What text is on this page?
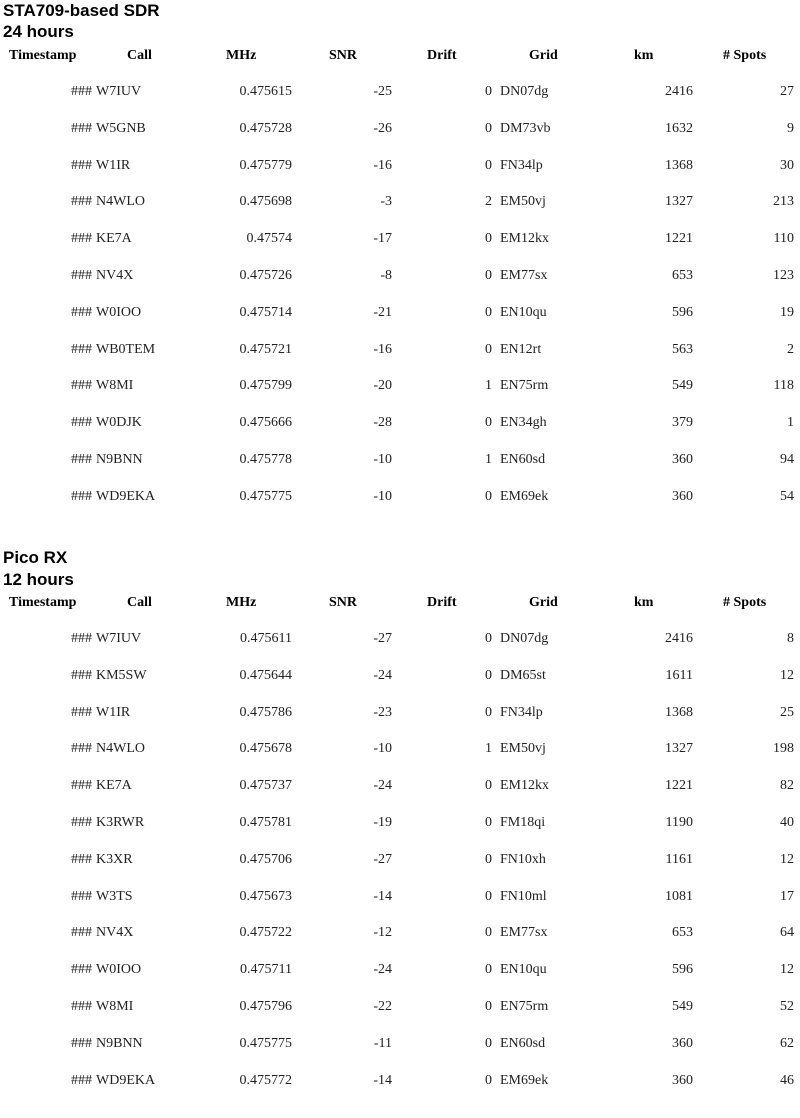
STA709-based SDR
24 hours
Timestamp	Call	MHz	SNR	Drift	Grid	km	# Spots
### W7IUV	0.475615	-25	0 DN07dg	2416	27
### W5GNB	0.475728	-26	0 DM73vb	1632	9
### W1IR	0.475779	-16	0 FN34lp	1368	30
### N4WLO	0.475698	-3	2 EM50vj	1327	213
### KE7A	0.47574	-17	0 EM12kx	1221	110
### NV4X	0.475726	-8	0 EM77sx	653	123
### W0IOO	0.475714	-21	0 EN10qu	596	19
### WB0TEM	0.475721	-16	0 EN12rt	563	2
### W8MI	0.475799	-20	1 EN75rm	549	118
### W0DJK	0.475666	-28	0 EN34gh	379	1
### N9BNN	0.475778	-10	1 EN60sd	360	94
### WD9EKA	0.475775	-10	0 EM69ek	360	54
Pico RX
12 hours
Timestamp	Call	MHz	SNR	Drift	Grid	km	# Spots
### W7IUV	0.475611	-27	0 DN07dg	2416	8
### KM5SW	0.475644	-24	0 DM65st	1611	12
### W1IR	0.475786	-23	0 FN34lp	1368	25
### N4WLO	0.475678	-10	1 EM50vj	1327	198
### KE7A	0.475737	-24	0 EM12kx	1221	82
### K3RWR	0.475781	-19	0 FM18qi	1190	40
### K3XR	0.475706	-27	0 FN10xh	1161	12
### W3TS	0.475673	-14	0 FN10ml	1081	17
### NV4X	0.475722	-12	0 EM77sx	653	64
### W0IOO	0.475711	-24	0 EN10qu	596	12
### W8MI	0.475796	-22	0 EN75rm	549	52
### N9BNN	0.475775	-11	0 EN60sd	360	62
### WD9EKA	0.475772	-14	0 EM69ek	360	46
